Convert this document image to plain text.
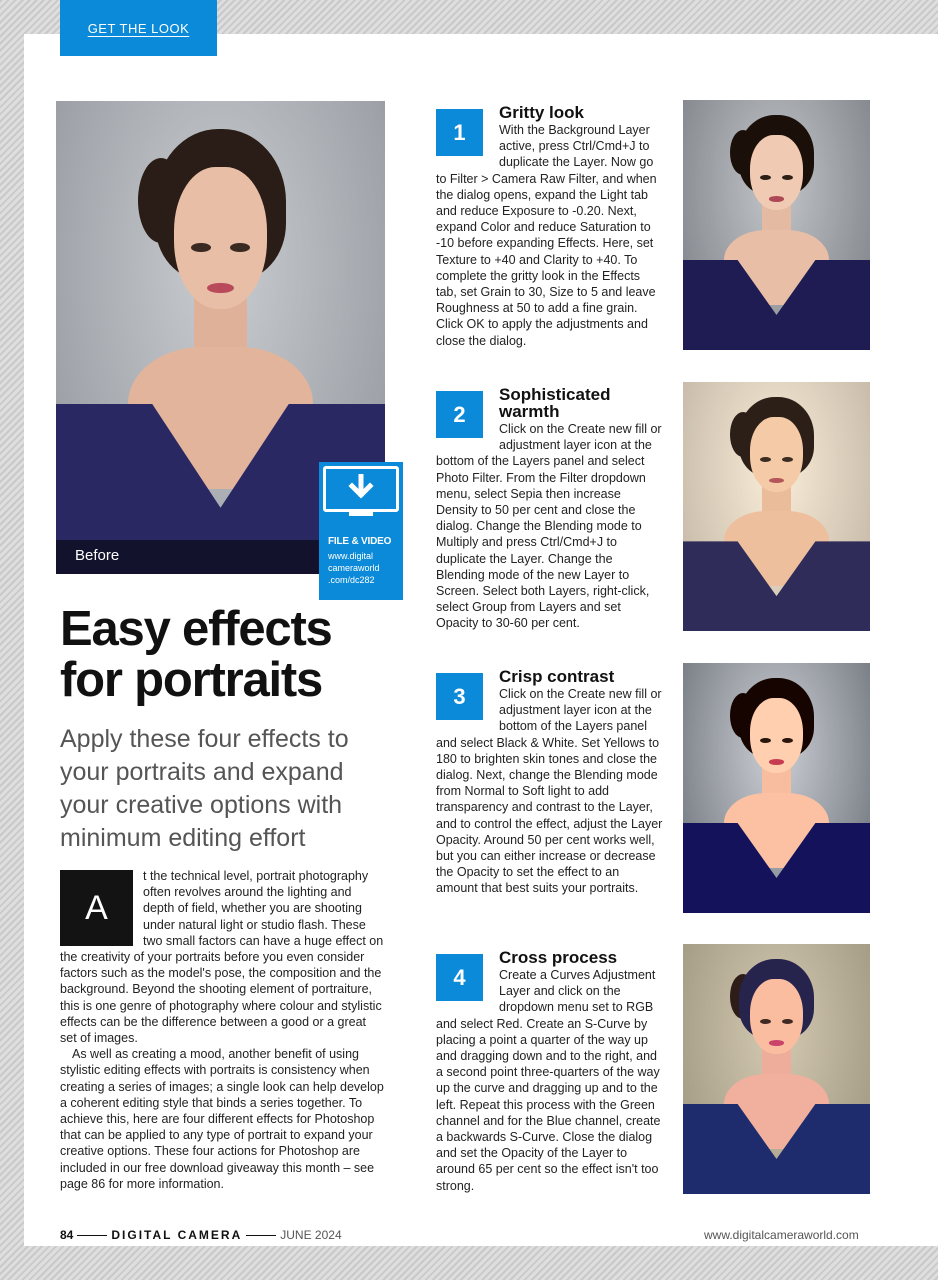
GET THE LOOK
Before
FILE & VIDEO
www.digital
cameraworld
.com/dc282
Easy effects
for portraits

Apply these four effects to your portraits and expand your creative options with minimum editing effort

A
t the technical level, portrait photography often revolves around the lighting and depth of field, whether you are shooting under natural light or studio flash. These two small factors can have a huge effect on the creativity of your portraits before you even consider factors such as the model's pose, the composition and the background. Beyond the shooting element of portraiture, this is one genre of photography where colour and stylistic effects can be the difference between a good or a great set of images.

As well as creating a mood, another benefit of using stylistic editing effects with portraits is consistency when creating a series of images; a single look can help develop a coherent editing style that binds a series together. To achieve this, here are four different effects for Photoshop that can be applied to any type of portrait to expand your creative options. These four actions for Photoshop are included in our free download giveaway this month – see page 86 for more information.

1
Gritty look
With the Background Layer active, press Ctrl/Cmd+J to duplicate the Layer. Now go to Filter > Camera Raw Filter, and when the dialog opens, expand the Light tab and reduce Exposure to -0.20. Next, expand Color and reduce Saturation to -10 before expanding Effects. Here, set Texture to +40 and Clarity to +40. To complete the gritty look in the Effects tab, set Grain to 30, Size to 5 and leave Roughness at 50 to add a fine grain. Click OK to apply the adjustments and close the dialog.
2
Sophisticated warmth
Click on the Create new fill or adjustment layer icon at the bottom of the Layers panel and select Photo Filter. From the Filter dropdown menu, select Sepia then increase Density to 50 per cent and close the dialog. Change the Blending mode to Multiply and press Ctrl/Cmd+J to duplicate the Layer. Change the Blending mode of the new Layer to Screen. Select both Layers, right-click, select Group from Layers and set Opacity to 30-60 per cent.
3
Crisp contrast
Click on the Create new fill or adjustment layer icon at the bottom of the Layers panel and select Black & White. Set Yellows to 180 to brighten skin tones and close the dialog. Next, change the Blending mode from Normal to Soft light to add transparency and contrast to the Layer, and to control the effect, adjust the Layer Opacity. Around 50 per cent works well, but you can either increase or decrease the Opacity to set the effect to an amount that best suits your portraits.
4
Cross process
Create a Curves Adjustment Layer and click on the dropdown menu set to RGB and select Red. Create an S-Curve by placing a point a quarter of the way up and dragging down and to the right, and a second point three-quarters of the way up the curve and dragging up and to the left. Repeat this process with the Green channel and for the Blue channel, create a backwards S-Curve. Close the dialog and set the Opacity of the Layer to around 65 per cent so the effect isn't too strong.
84	DIGITAL CAMERA	JUNE 2024	www.digitalcameraworld.com
